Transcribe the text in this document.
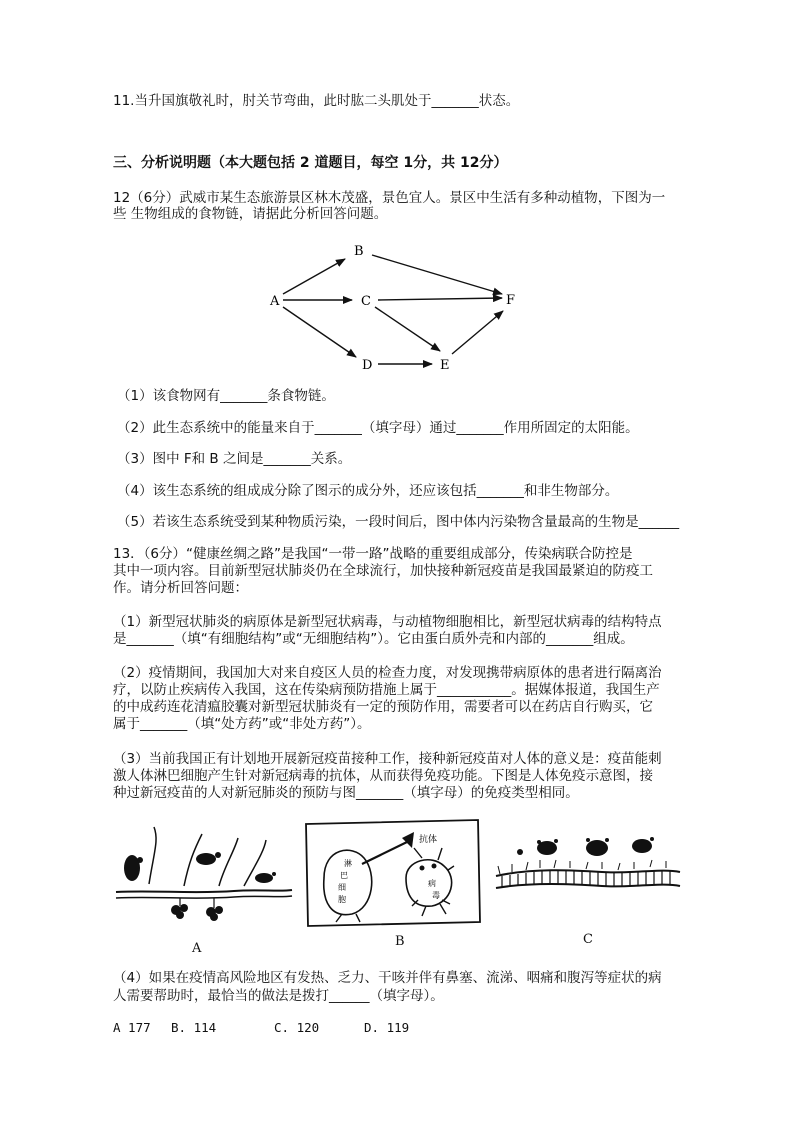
11.当升国旗敬礼时，肘关节弯曲，此时肱二头肌处于_______状态。
三、分析说明题（本大题包括 2 道题目，每空 1分，共 12分）
12（6分）武威市某生态旅游景区林木茂盛，景色宜人。景区中生活有多种动植物，下图为一
些 生物组成的食物链，请据此分析回答问题。
A
B
C
D	E
F
（1）该食物网有_______条食物链。
（2）此生态系统中的能量来自于_______（填字母）通过_______作用所固定的太阳能。
（3）图中 F和 B 之间是_______关系。
（4）该生态系统的组成成分除了图示的成分外，还应该包括_______和非生物部分。
（5）若该生态系统受到某种物质污染，一段时间后，图中体内污染物含量最高的生物是______
13．（6分）“健康丝绸之路”是我国“一带一路”战略的重要组成部分，传染病联合防控是
其中一项内容。目前新型冠状肺炎仍在全球流行，加快接种新冠疫苗是我国最紧迫的防疫工
作。请分析回答问题：
（1）新型冠状肺炎的病原体是新型冠状病毒，与动植物细胞相比，新型冠状病毒的结构特点
是_______（填“有细胞结构”或“无细胞结构”）。它由蛋白质外壳和内部的_______组成。
（2）疫情期间，我国加大对来自疫区人员的检查力度，对发现携带病原体的患者进行隔离治
疗，以防止疾病传入我国，这在传染病预防措施上属于___________。据媒体报道，我国生产
的中成药连花清瘟胶囊对新型冠状肺炎有一定的预防作用，需要者可以在药店自行购买，它
属于_______（填“处方药”或“非处方药”）。
（3）当前我国正有计划地开展新冠疫苗接种工作，接种新冠疫苗对人体的意义是：疫苗能刺
激人体淋巴细胞产生针对新冠病毒的抗体，从而获得免疫功能。下图是人体免疫示意图，接
种过新冠疫苗的人对新冠肺炎的预防与图_______（填字母）的免疫类型相同。
A
抗体
淋
巴
细
胞
病
毒
B	C
（4）如果在疫情高风险地区有发热、乏力、干咳并伴有鼻塞、流涕、咽痛和腹泻等症状的病
人需要帮助时，最恰当的做法是拨打______（填字母）。
A 177 B. 114	C. 120	D. 119
